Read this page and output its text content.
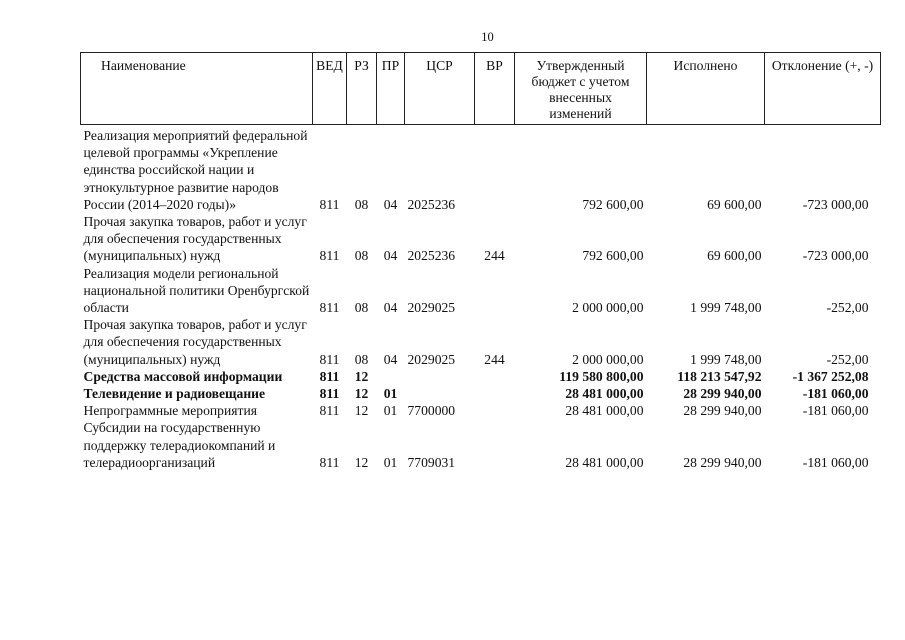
10
Наименование	ВЕД	РЗ	ПР	ЦСР	ВР	Утвержденный бюджет с учетом внесенных изменений	Исполнено	Отклонение (+, -)
Реализация мероприятий федеральной целевой программы «Укрепление единства российской нации и этнокультурное развитие народов России (2014–2020 годы)»	811	08	04	2025236		792 600,00	69 600,00	-723 000,00
Прочая закупка товаров, работ и услуг для обеспечения государственных (муниципальных) нужд	811	08	04	2025236	244	792 600,00	69 600,00	-723 000,00
Реализация модели региональной национальной политики Оренбургской области	811	08	04	2029025		2 000 000,00	1 999 748,00	-252,00
Прочая закупка товаров, работ и услуг для обеспечения государственных (муниципальных) нужд	811	08	04	2029025	244	2 000 000,00	1 999 748,00	-252,00
Средства массовой информации	811	12				119 580 800,00	118 213 547,92	-1 367 252,08
Телевидение и радиовещание	811	12	01			28 481 000,00	28 299 940,00	-181 060,00
Непрограммные мероприятия	811	12	01	7700000		28 481 000,00	28 299 940,00	-181 060,00
Субсидии на государственную поддержку телерадиокомпаний и телерадиоорганизаций	811	12	01	7709031		28 481 000,00	28 299 940,00	-181 060,00
